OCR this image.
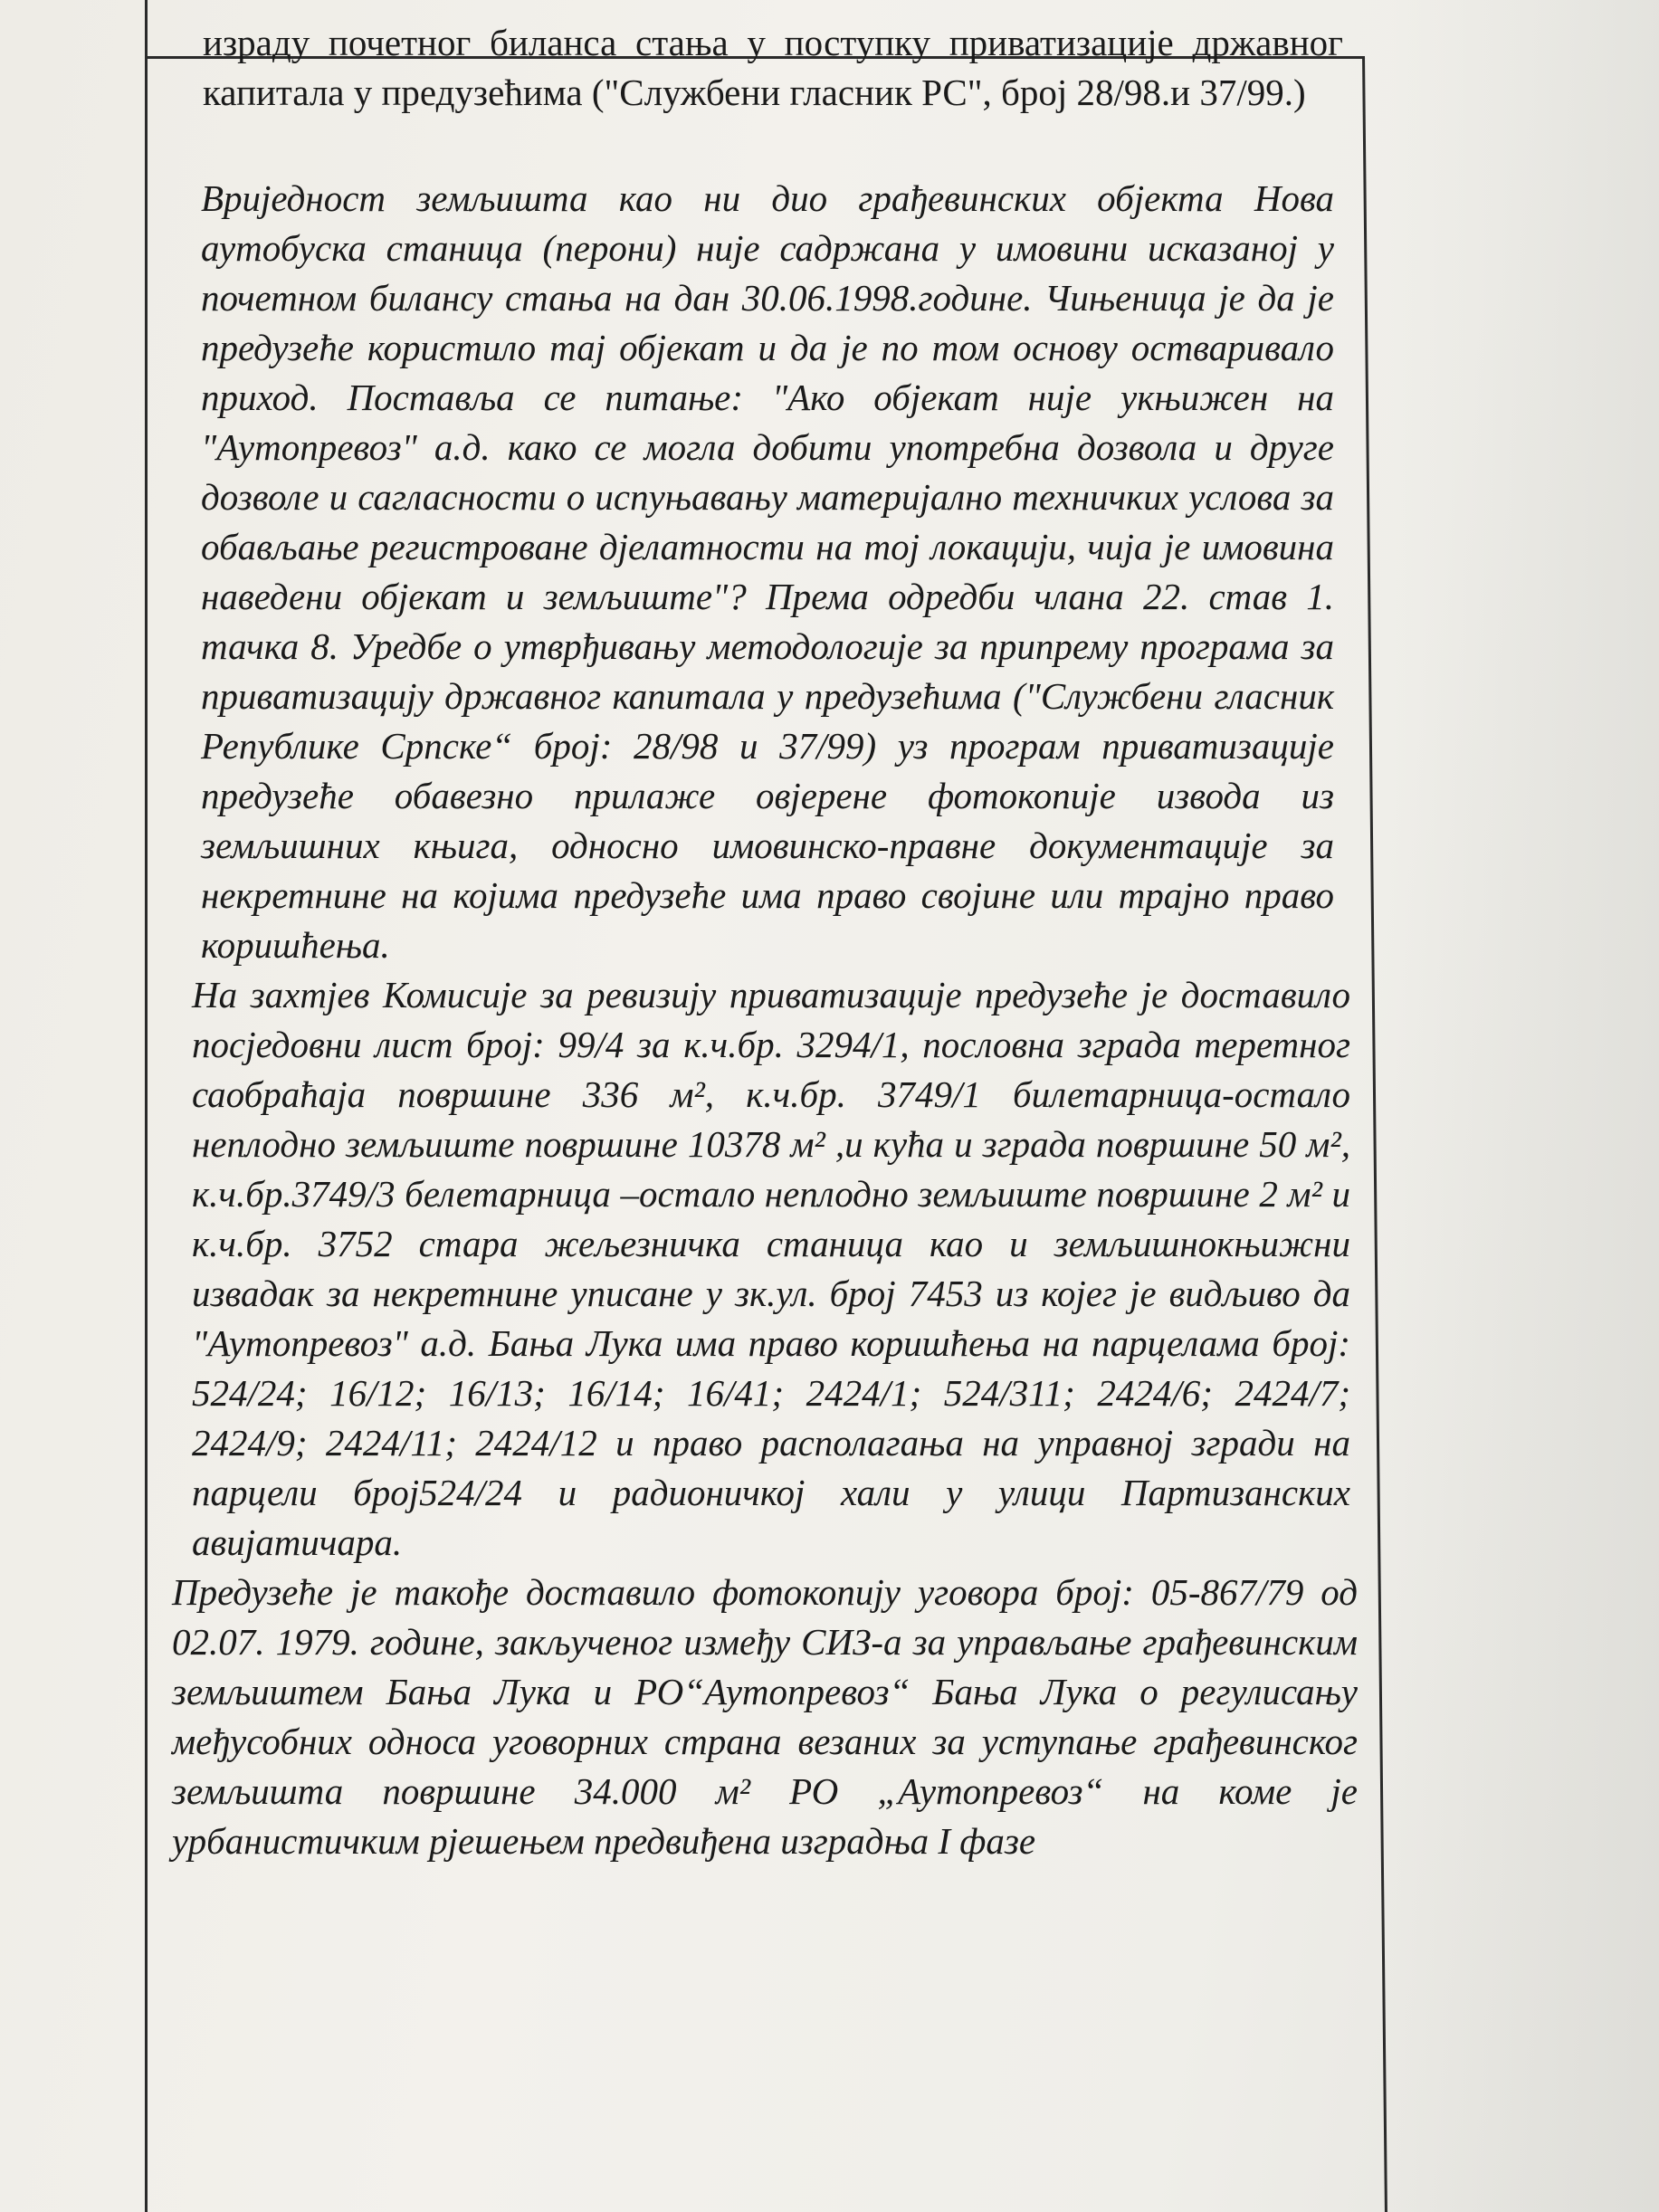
израду почетног биланса стања у поступку приватизације државног капитала у предузећима ("Службени гласник РС", број 28/98.и 37/99.)

Вриједност земљишта као ни дио грађевинских објекта Нова аутобуска станица (перони) није садржана у имовини исказаној у почетном билансу стања на дан 30.06.1998.године. Чињеница је да је предузеће користило тај објекат и да је по том основу остваривало приход. Поставља се питање: "Ако објекат није укњижен на "Аутопревоз" а.д. како се могла добити употребна дозвола и друге дозволе и сагласности о испуњавању материјално техничких услова за обављање регистроване дјелатности на тој локацији, чија је имовина наведени објекат и земљиште"? Према одредби члана 22. став 1. тачка 8. Уредбе о утврђивању методологије за припрему програма за приватизацију државног капитала у предузећима ("Службени гласник Републике Српске“ број: 28/98 и 37/99) уз програм приватизације предузеће обавезно прилаже овјерене фотокопије извода из земљишних књига, односно имовинско-правне документације за некретнине на којима предузеће има право својине или трајно право коришћења.

На захтјев Комисије за ревизију приватизације предузеће је доставило посједовни лист број: 99/4 за к.ч.бр. 3294/1, пословна зграда теретног саобраћаја површине 336 м², к.ч.бр. 3749/1 билетарница-остало неплодно земљиште површине 10378 м² ,и кућа и зграда површине 50 м², к.ч.бр.3749/3 белетарница –остало неплодно земљиште површине 2 м² и к.ч.бр. 3752 стара жељезничка станица као и земљишнокњижни извадак за некретнине уписане у зк.ул. број 7453 из којег је видљиво да "Аутопревоз" а.д. Бања Лука има право коришћења на парцелама број: 524/24; 16/12; 16/13; 16/14; 16/41; 2424/1; 524/311; 2424/6; 2424/7; 2424/9; 2424/11; 2424/12 и право располагања на управној згради на парцели број524/24 и радионичкој хали у улици Партизанских авијатичара.

Предузеће је такође доставило фотокопију уговора број: 05-867/79 од 02.07. 1979. године, закљученог између СИЗ-а за управљање грађевинским земљиштем Бања Лука и РО“Аутопревоз“ Бања Лука о регулисању међусобних односа уговорних страна везаних за уступање грађевинског земљишта површине 34.000 м² РО „Аутопревоз“ на коме је урбанистичким рјешењем предвиђена изградња I фазе
